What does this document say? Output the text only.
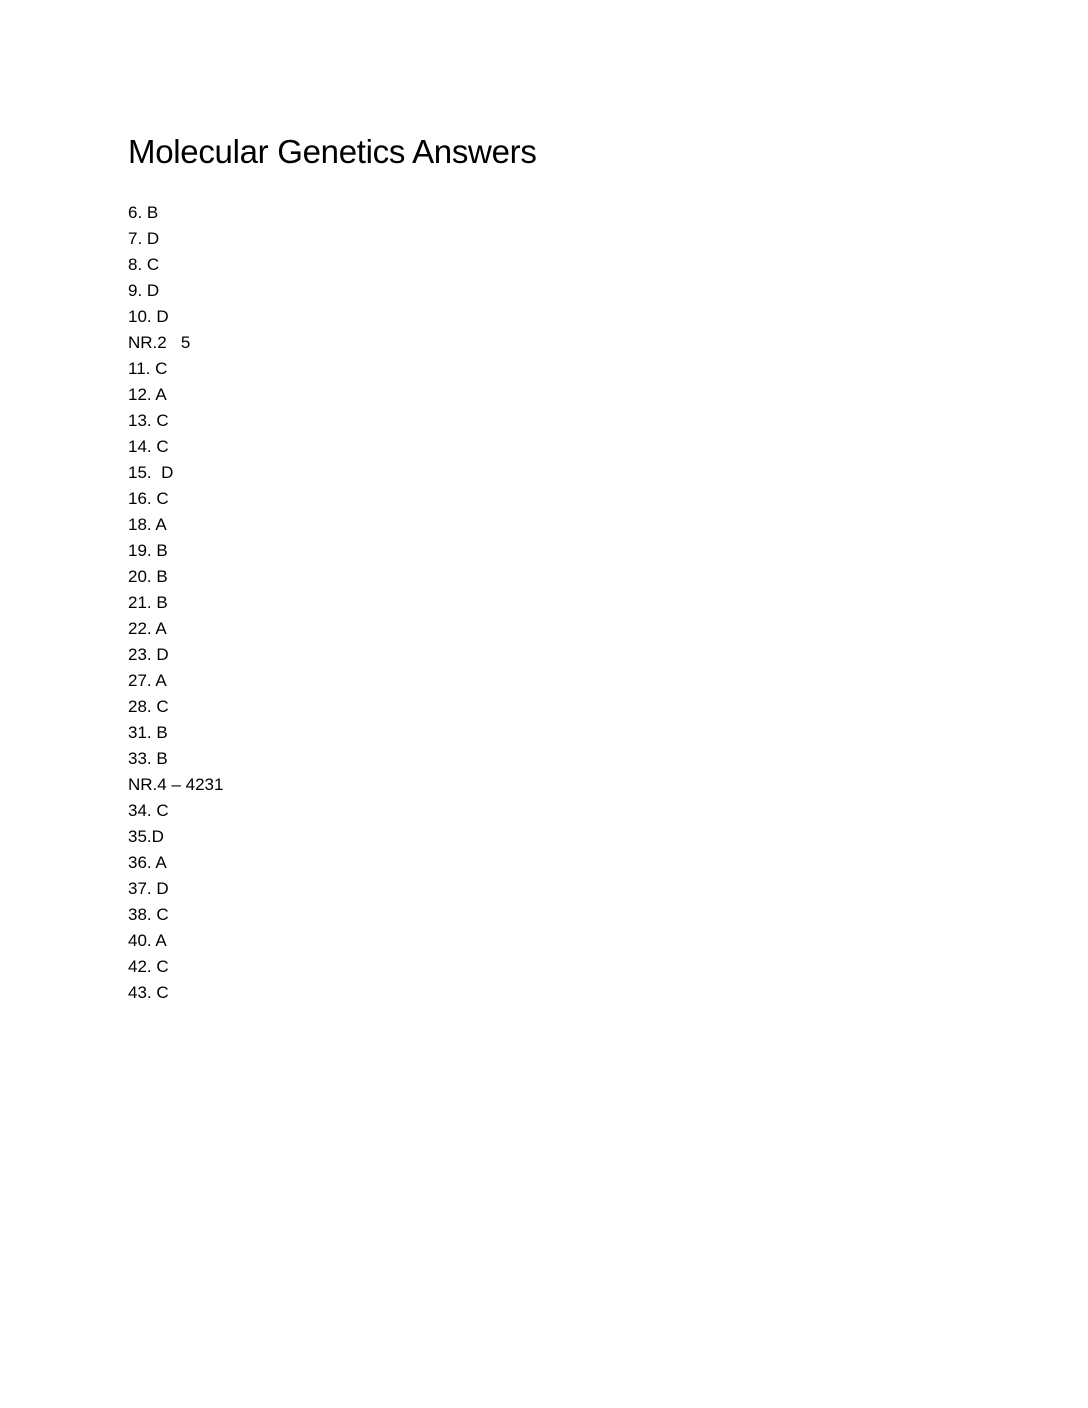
Molecular Genetics Answers
6. B
7. D
8. C
9. D
10. D
NR.2   5
11. C
12. A
13. C
14. C
15.  D
16. C
18. A
19. B
20. B
21. B
22. A
23. D
27. A
28. C
31. B
33. B
NR.4 – 4231
34. C
35.D
36. A
37. D
38. C
40. A
42. C
43. C
